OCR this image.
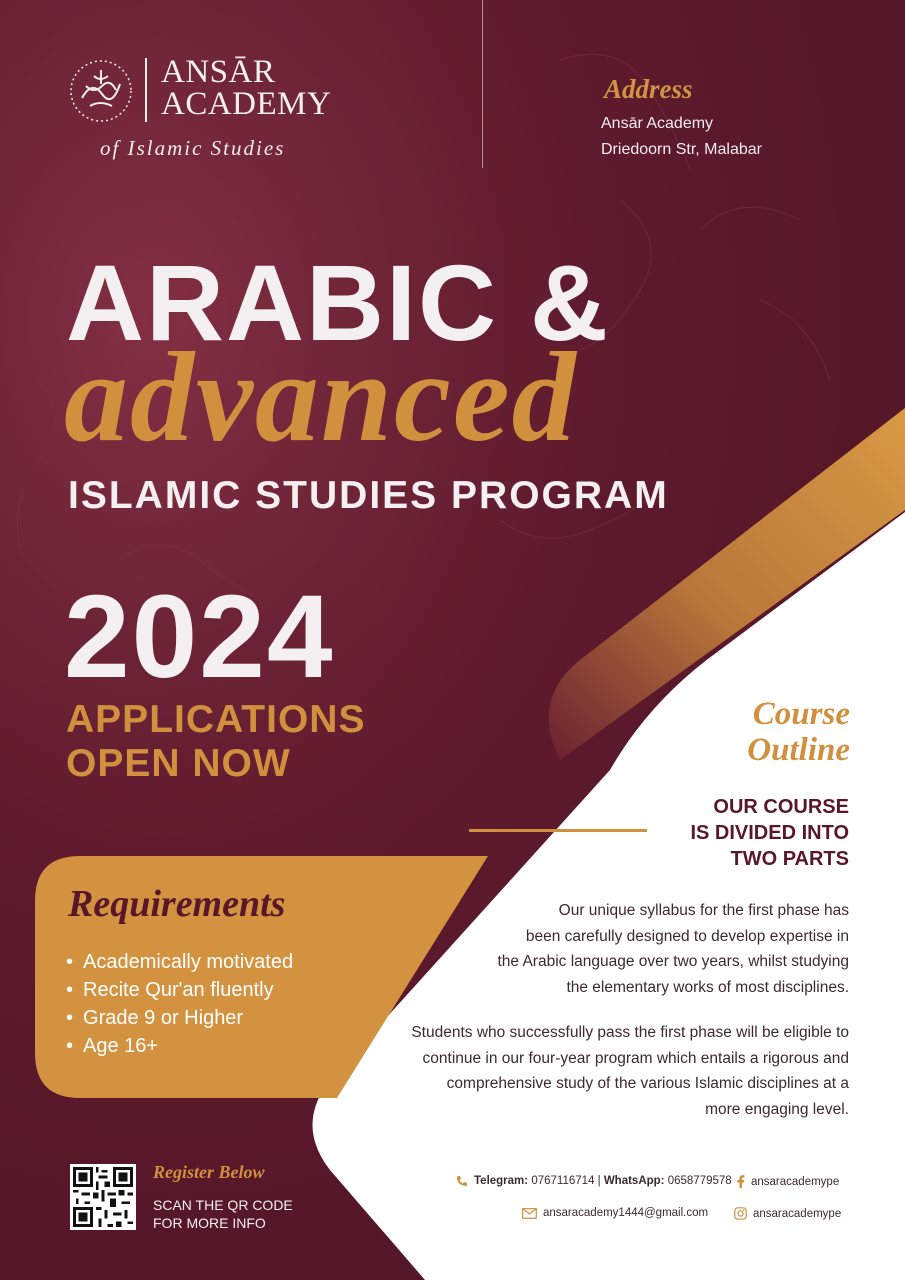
ANSĀR
ACADEMY
of Islamic Studies
Address
Ansār Academy
Driedoorn Str, Malabar
ARABIC &
advanced
ISLAMIC STUDIES PROGRAM
2024
APPLICATIONS
OPEN NOW
Requirements
• Academically motivated
• Recite Qur'an fluently
• Grade 9 or Higher
• Age 16+
Course
Outline
OUR COURSE
IS DIVIDED INTO
TWO PARTS
Our unique syllabus for the first phase has
been carefully designed to develop expertise in
the Arabic language over two years, whilst studying
the elementary works of most disciplines.
Students who successfully pass the first phase will be eligible to
continue in our four-year program which entails a rigorous and
comprehensive study of the various Islamic disciplines at a
more engaging level.
Register Below
SCAN THE QR CODE
FOR MORE INFO
Telegram:
0767116714
|
WhatsApp:
0658779578
ansaracademy1444@gmail.com
ansaracademype
ansaracademype
